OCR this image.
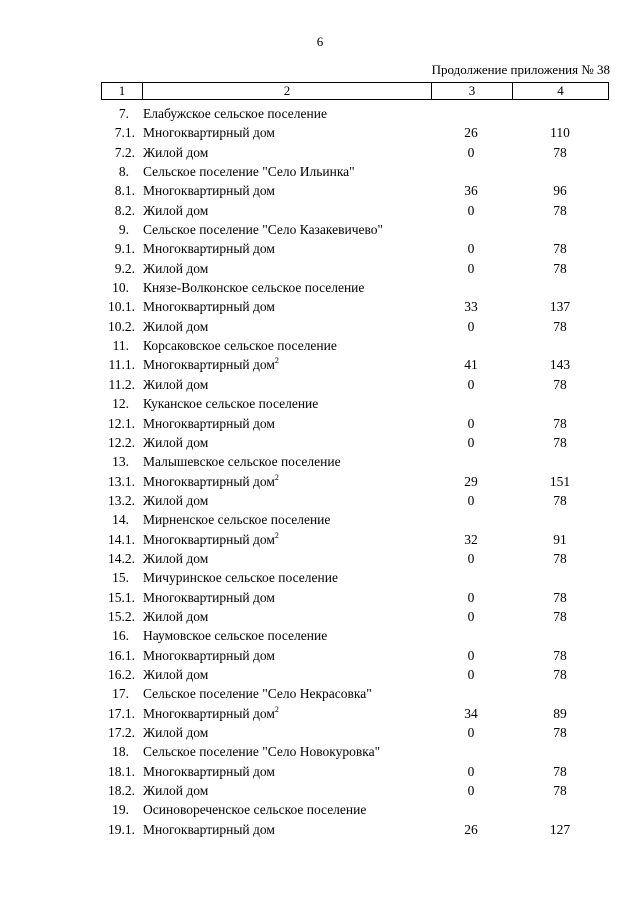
6
Продолжение приложения № 38
1	2	3	4
7. Елабужское сельское поселение
7.1. Многоквартирный дом	26	110
7.2. Жилой дом	0	78
8. Сельское поселение "Село Ильинка"
8.1. Многоквартирный дом	36	96
8.2. Жилой дом	0	78
9. Сельское поселение "Село Казакевичево"
9.1. Многоквартирный дом	0	78
9.2. Жилой дом	0	78
10. Князе-Волконское сельское поселение
10.1. Многоквартирный дом	33	137
10.2. Жилой дом	0	78
11. Корсаковское сельское поселение
11.1. Многоквартирный дом$^2$	41	143
11.2. Жилой дом	0	78
12. Куканское сельское поселение
12.1. Многоквартирный дом	0	78
12.2. Жилой дом	0	78
13. Малышевское сельское поселение
13.1. Многоквартирный дом$^2$	29	151
13.2. Жилой дом	0	78
14. Мирненское сельское поселение
14.1. Многоквартирный дом$^2$	32	91
14.2. Жилой дом	0	78
15. Мичуринское сельское поселение
15.1. Многоквартирный дом	0	78
15.2. Жилой дом	0	78
16. Наумовское сельское поселение
16.1. Многоквартирный дом	0	78
16.2. Жилой дом	0	78
17. Сельское поселение "Село Некрасовка"
17.1. Многоквартирный дом$^2$	34	89
17.2. Жилой дом	0	78
18. Сельское поселение "Село Новокуровка"
18.1. Многоквартирный дом	0	78
18.2. Жилой дом	0	78
19. Осиновореченское сельское поселение
19.1. Многоквартирный дом	26	127
